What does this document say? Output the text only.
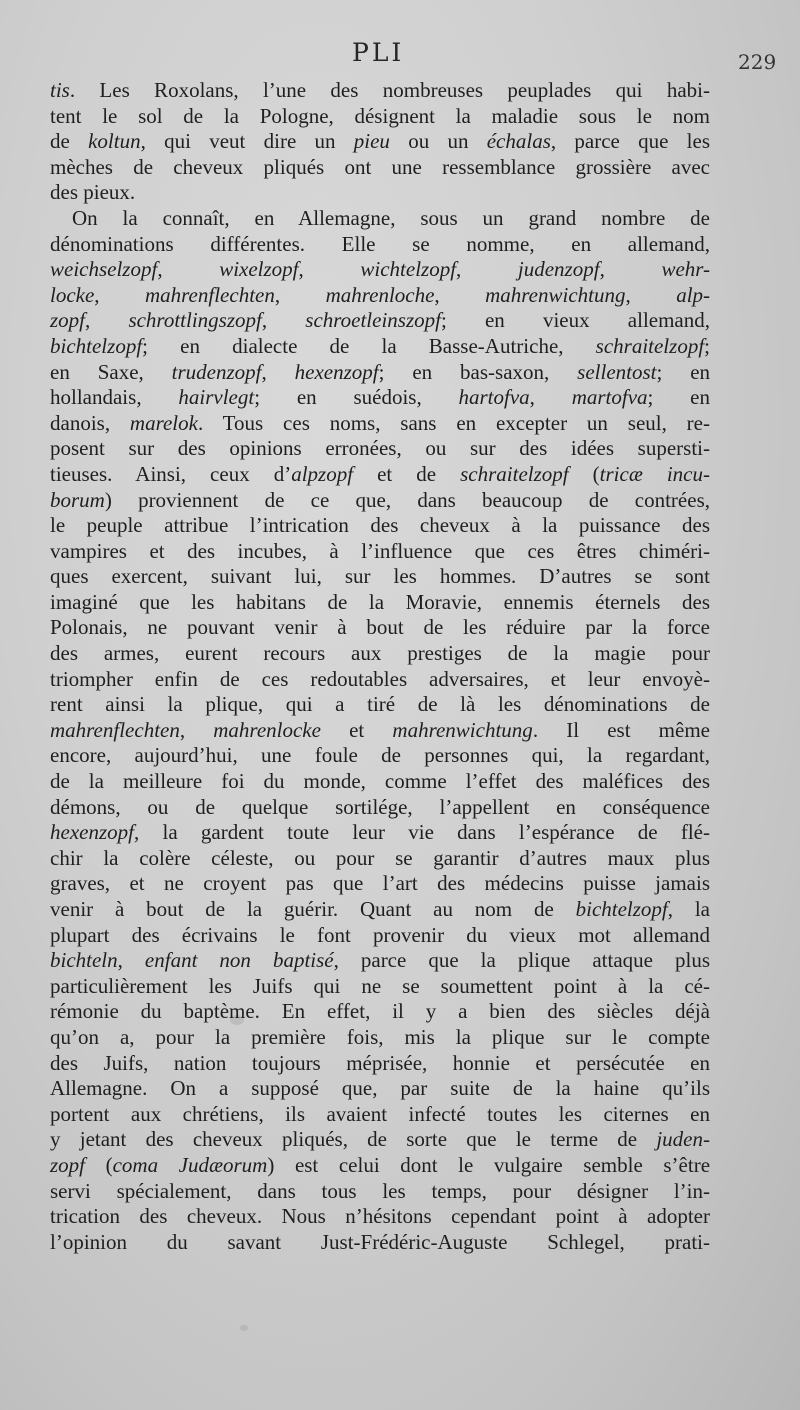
PLI	229
tis. Les Roxolans, l’une des nombreuses peuplades qui habi-
tent le sol de la Pologne, désignent la maladie sous le nom
de koltun, qui veut dire un pieu ou un échalas, parce que les
mèches de cheveux pliqués ont une ressemblance grossière avec
des pieux.
On la connaît, en Allemagne, sous un grand nombre de
dénominations différentes. Elle se nomme, en allemand,
weichselzopf, wixelzopf, wichtelzopf, judenzopf, wehr-
locke, mahrenflechten, mahrenloche, mahrenwichtung, alp-
zopf, schrottlingszopf, schroetleinszopf; en vieux allemand,
bichtelzopf; en dialecte de la Basse-Autriche, schraitelzopf;
en Saxe, trudenzopf, hexenzopf; en bas-saxon, sellentost; en
hollandais, hairvlegt; en suédois, hartofva, martofva; en
danois, marelok. Tous ces noms, sans en excepter un seul, re-
posent sur des opinions erronées, ou sur des idées supersti-
tieuses. Ainsi, ceux d’alpzopf et de schraitelzopf (tricæ incu-
borum) proviennent de ce que, dans beaucoup de contrées,
le peuple attribue l’intrication des cheveux à la puissance des
vampires et des incubes, à l’influence que ces êtres chiméri-
ques exercent, suivant lui, sur les hommes. D’autres se sont
imaginé que les habitans de la Moravie, ennemis éternels des
Polonais, ne pouvant venir à bout de les réduire par la force
des armes, eurent recours aux prestiges de la magie pour
triompher enfin de ces redoutables adversaires, et leur envoyè-
rent ainsi la plique, qui a tiré de là les dénominations de
mahrenflechten, mahrenlocke et mahrenwichtung. Il est même
encore, aujourd’hui, une foule de personnes qui, la regardant,
de la meilleure foi du monde, comme l’effet des maléfices des
démons, ou de quelque sortilége, l’appellent en conséquence
hexenzopf, la gardent toute leur vie dans l’espérance de flé-
chir la colère céleste, ou pour se garantir d’autres maux plus
graves, et ne croyent pas que l’art des médecins puisse jamais
venir à bout de la guérir. Quant au nom de bichtelzopf, la
plupart des écrivains le font provenir du vieux mot allemand
bichteln, enfant non baptisé, parce que la plique attaque plus
particulièrement les Juifs qui ne se soumettent point à la cé-
rémonie du baptème. En effet, il y a bien des siècles déjà
qu’on a, pour la première fois, mis la plique sur le compte
des Juifs, nation toujours méprisée, honnie et persécutée en
Allemagne. On a supposé que, par suite de la haine qu’ils
portent aux chrétiens, ils avaient infecté toutes les citernes en
y jetant des cheveux pliqués, de sorte que le terme de juden-
zopf (coma Judæorum) est celui dont le vulgaire semble s’être
servi spécialement, dans tous les temps, pour désigner l’in-
trication des cheveux. Nous n’hésitons cependant point à adopter
l’opinion du savant Just-Frédéric-Auguste Schlegel, prati-
